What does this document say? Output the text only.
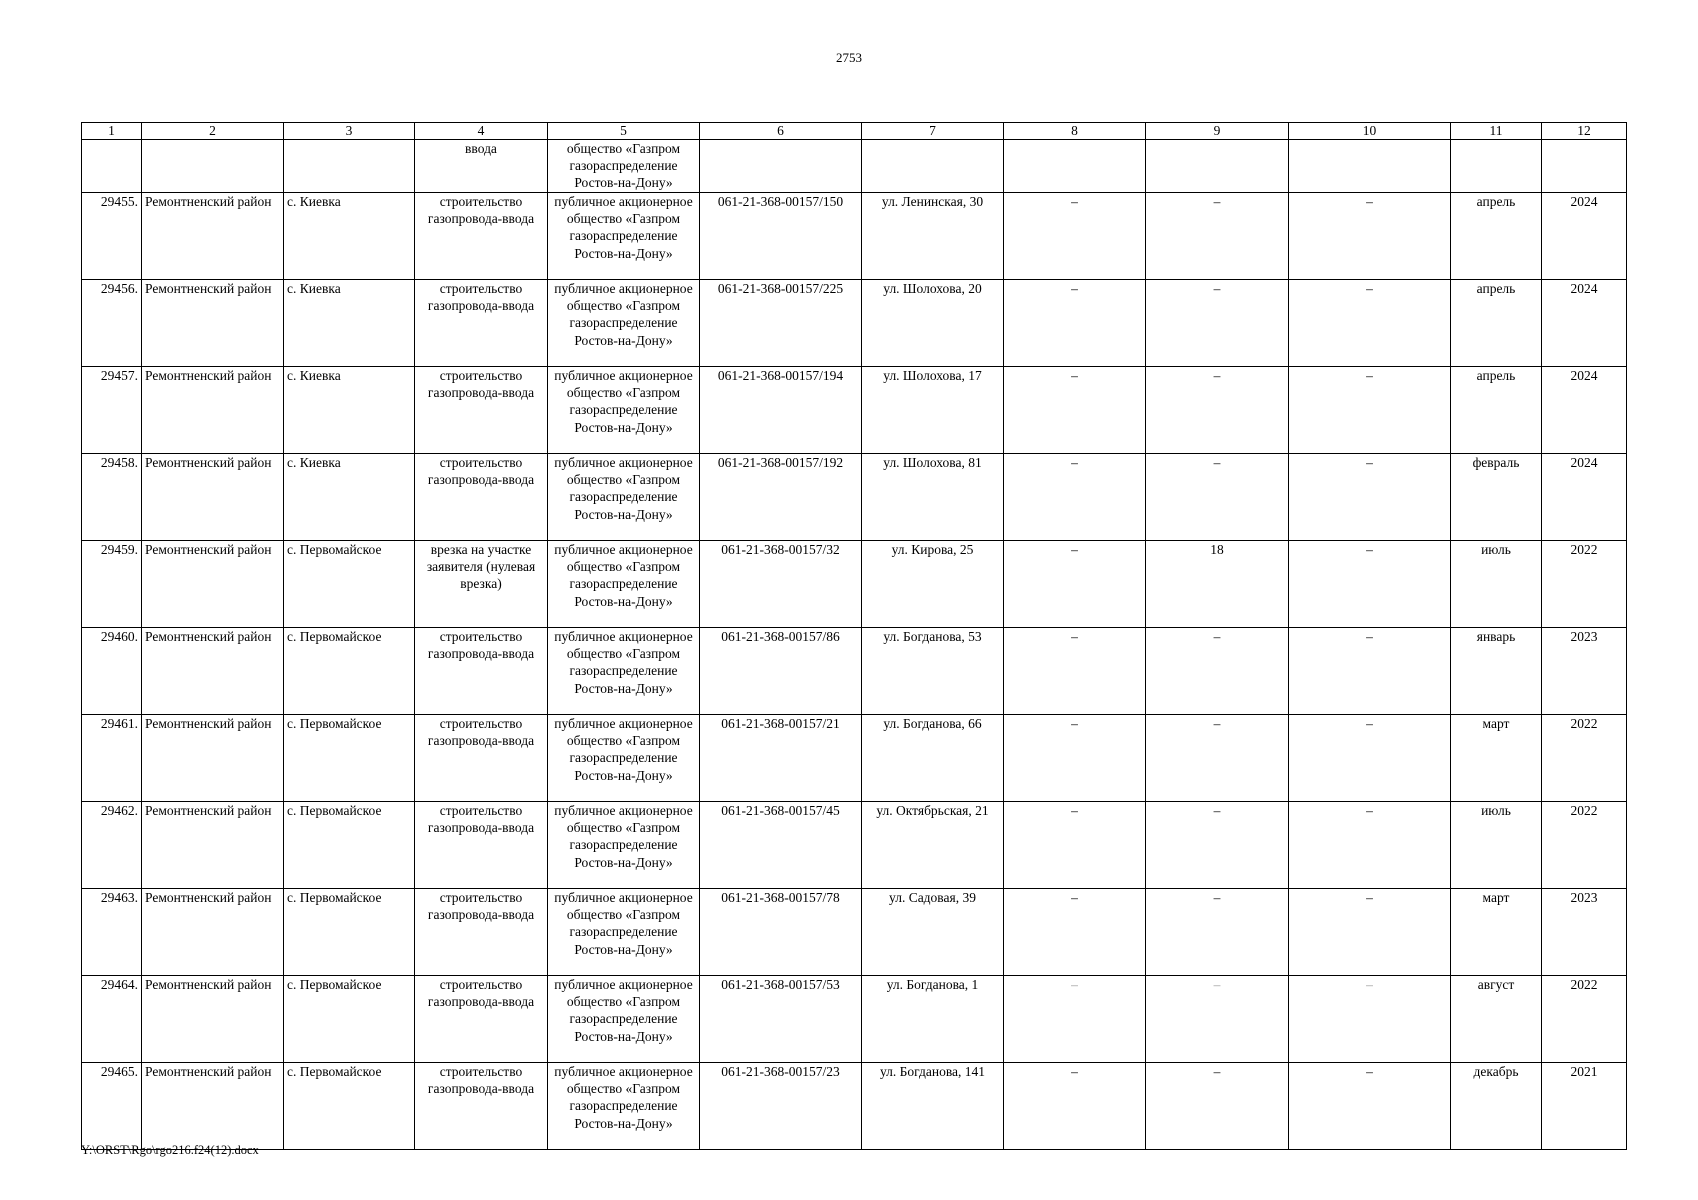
2753
1	2	3	4	5	6	7	8	9	10	11	12
			ввода	общество «Газпром газораспределение Ростов-на-Дону»							
29455.	Ремонтненский район	с. Киевка	строительство газопровода-ввода	публичное акционерное общество «Газпром газораспределение Ростов-на-Дону»	061-21-368-00157/150	ул. Ленинская, 30	–	–	–	апрель	2024
29456.	Ремонтненский район	с. Киевка	строительство газопровода-ввода	публичное акционерное общество «Газпром газораспределение Ростов-на-Дону»	061-21-368-00157/225	ул. Шолохова, 20	–	–	–	апрель	2024
29457.	Ремонтненский район	с. Киевка	строительство газопровода-ввода	публичное акционерное общество «Газпром газораспределение Ростов-на-Дону»	061-21-368-00157/194	ул. Шолохова, 17	–	–	–	апрель	2024
29458.	Ремонтненский район	с. Киевка	строительство газопровода-ввода	публичное акционерное общество «Газпром газораспределение Ростов-на-Дону»	061-21-368-00157/192	ул. Шолохова, 81	–	–	–	февраль	2024
29459.	Ремонтненский район	с. Первомайское	врезка на участке заявителя (нулевая врезка)	публичное акционерное общество «Газпром газораспределение Ростов-на-Дону»	061-21-368-00157/32	ул. Кирова, 25	–	18	–	июль	2022
29460.	Ремонтненский район	с. Первомайское	строительство газопровода-ввода	публичное акционерное общество «Газпром газораспределение Ростов-на-Дону»	061-21-368-00157/86	ул. Богданова, 53	–	–	–	январь	2023
29461.	Ремонтненский район	с. Первомайское	строительство газопровода-ввода	публичное акционерное общество «Газпром газораспределение Ростов-на-Дону»	061-21-368-00157/21	ул. Богданова, 66	–	–	–	март	2022
29462.	Ремонтненский район	с. Первомайское	строительство газопровода-ввода	публичное акционерное общество «Газпром газораспределение Ростов-на-Дону»	061-21-368-00157/45	ул. Октябрьская, 21	–	–	–	июль	2022
29463.	Ремонтненский район	с. Первомайское	строительство газопровода-ввода	публичное акционерное общество «Газпром газораспределение Ростов-на-Дону»	061-21-368-00157/78	ул. Садовая, 39	–	–	–	март	2023
29464.	Ремонтненский район	с. Первомайское	строительство газопровода-ввода	публичное акционерное общество «Газпром газораспределение Ростов-на-Дону»	061-21-368-00157/53	ул. Богданова, 1	–	–	–	август	2022
29465.	Ремонтненский район	с. Первомайское	строительство газопровода-ввода	публичное акционерное общество «Газпром газораспределение Ростов-на-Дону»	061-21-368-00157/23	ул. Богданова, 141	–	–	–	декабрь	2021
Y:\ORST\Rgo\rgo216.f24(12).docx
